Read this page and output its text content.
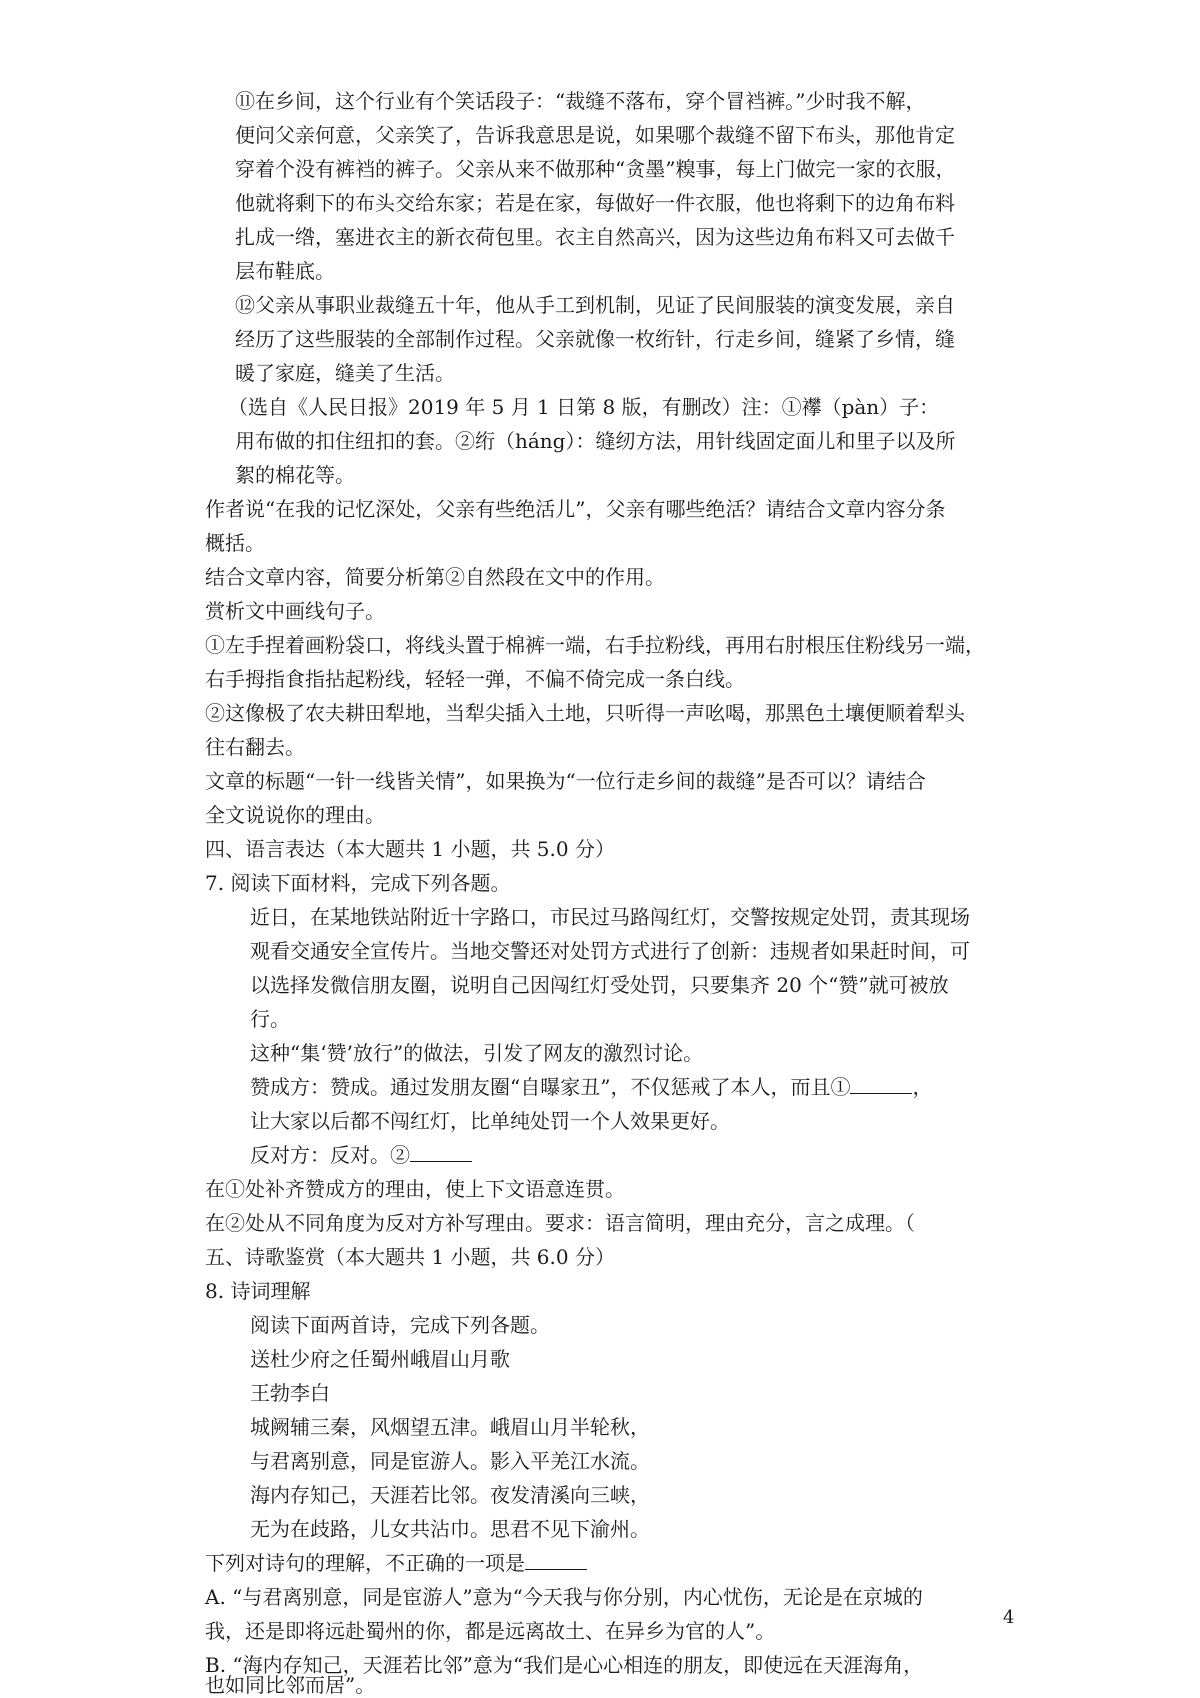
⑪在乡间，这个行业有个笑话段子：“裁缝不落布，穿个冒裆裤。”少时我不解，
便问父亲何意，父亲笑了，告诉我意思是说，如果哪个裁缝不留下布头，那他肯定
穿着个没有裤裆的裤子。父亲从来不做那种“贪墨”糗事，每上门做完一家的衣服，
他就将剩下的布头交给东家；若是在家，每做好一件衣服，他也将剩下的边角布料
扎成一绺，塞进衣主的新衣荷包里。衣主自然高兴，因为这些边角布料又可去做千
层布鞋底。
⑫父亲从事职业裁缝五十年，他从手工到机制，见证了民间服装的演变发展，亲自
经历了这些服装的全部制作过程。父亲就像一枚绗针，行走乡间，缝紧了乡情，缝
暖了家庭，缝美了生活。
（选自《人民日报》2019 年 5 月 1 日第 8 版，有删改）注：①襻（pàn）子：
用布做的扣住纽扣的套。②绗（háng）：缝纫方法，用针线固定面儿和里子以及所
絮的棉花等。
作者说“在我的记忆深处，父亲有些绝活儿”，父亲有哪些绝活？请结合文章内容分条
概括。
结合文章内容，简要分析第②自然段在文中的作用。
赏析文中画线句子。
①左手捏着画粉袋口，将线头置于棉裤一端，右手拉粉线，再用右肘根压住粉线另一端，
右手拇指食指拈起粉线，轻轻一弹，不偏不倚完成一条白线。
②这像极了农夫耕田犁地，当犁尖插入土地，只听得一声吆喝，那黑色土壤便顺着犁头
往右翻去。
文章的标题“一针一线皆关情”，如果换为“一位行走乡间的裁缝”是否可以？请结合
全文说说你的理由。
四、语言表达（本大题共 1 小题，共 5.0 分）
7. 阅读下面材料，完成下列各题。
近日，在某地铁站附近十字路口，市民过马路闯红灯，交警按规定处罚，责其现场
观看交通安全宣传片。当地交警还对处罚方式进行了创新：违规者如果赶时间，可
以选择发微信朋友圈，说明自己因闯红灯受处罚，只要集齐 20 个“赞”就可被放
行。
这种“集‘赞’放行”的做法，引发了网友的激烈讨论。
赞成方：赞成。通过发朋友圈“自曝家丑”，不仅惩戒了本人，而且①	，
让大家以后都不闯红灯，比单纯处罚一个人效果更好。
反对方：反对。②
在①处补齐赞成方的理由，使上下文语意连贯。
在②处从不同角度为反对方补写理由。要求：语言简明，理由充分，言之成理。（
五、诗歌鉴赏（本大题共 1 小题，共 6.0 分）
8. 诗词理解
阅读下面两首诗，完成下列各题。
送杜少府之任蜀州峨眉山月歌
王勃李白
城阙辅三秦，风烟望五津。峨眉山月半轮秋，
与君离别意，同是宦游人。影入平羌江水流。
海内存知己，天涯若比邻。夜发清溪向三峡，
无为在歧路，儿女共沾巾。思君不见下渝州。
下列对诗句的理解，不正确的一项是
A. “与君离别意，同是宦游人”意为“今天我与你分别，内心忧伤，无论是在京城的
我，还是即将远赴蜀州的你，都是远离故土、在异乡为官的人”。
B. “海内存知己，天涯若比邻”意为“我们是心心相连的朋友，即使远在天涯海角，
也如同比邻而居”。
4
